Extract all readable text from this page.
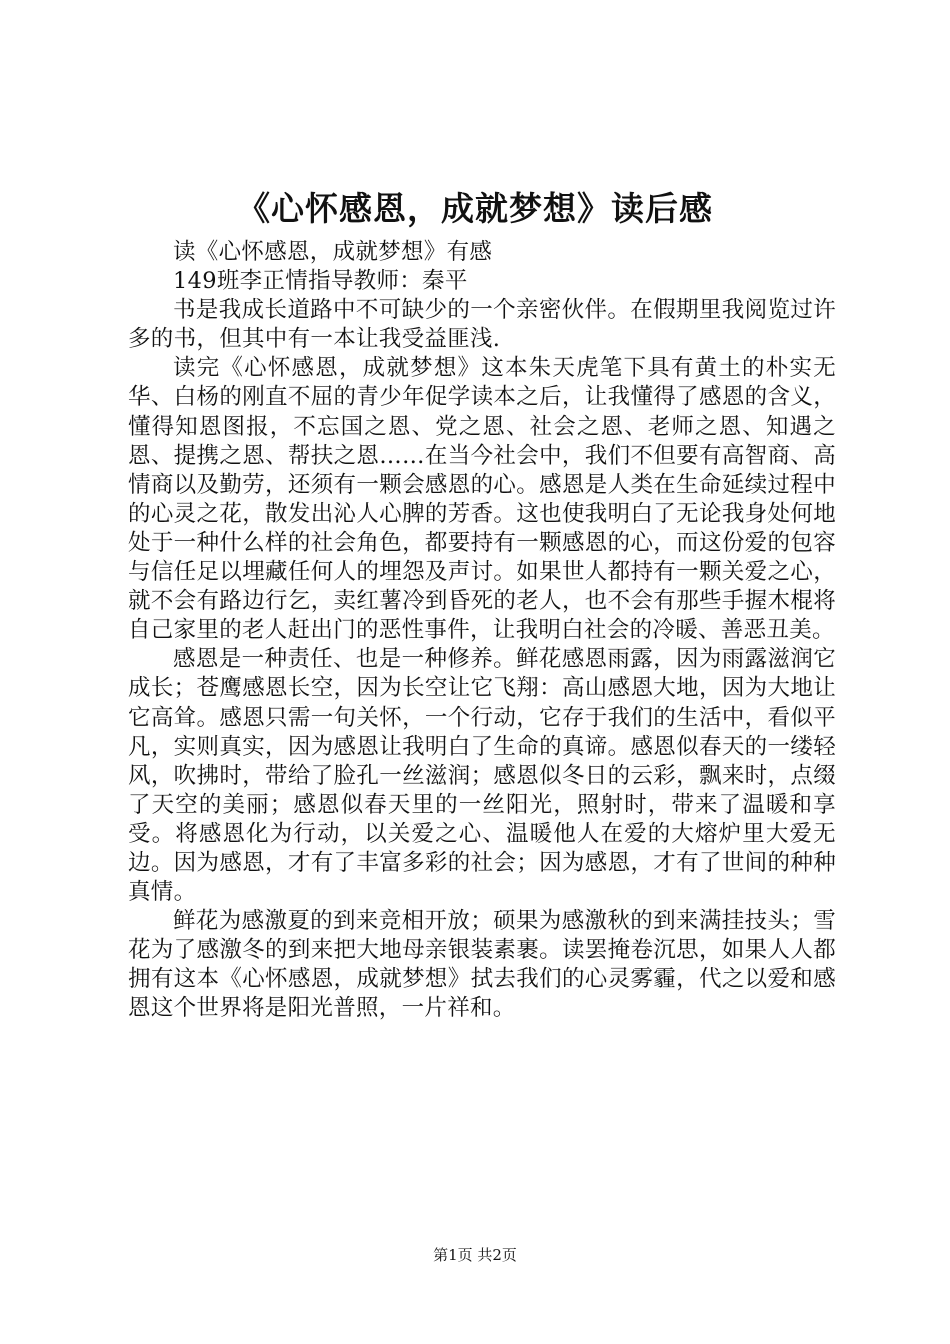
《心怀感恩，成就梦想》读后感

读《心怀感恩，成就梦想》有感

149班李正情指导教师：秦平

书是我成长道路中不可缺少的一个亲密伙伴。在假期里我阅览过许多的书，但其中有一本让我受益匪浅.

读完《心怀感恩，成就梦想》这本朱天虎笔下具有黄土的朴实无华、白杨的刚直不屈的青少年促学读本之后，让我懂得了感恩的含义，懂得知恩图报，不忘国之恩、党之恩、社会之恩、老师之恩、知遇之恩、提携之恩、帮扶之恩……在当今社会中，我们不但要有高智商、高情商以及勤劳，还须有一颗会感恩的心。感恩是人类在生命延续过程中的心灵之花，散发出沁人心脾的芳香。这也使我明白了无论我身处何地处于一种什么样的社会角色，都要持有一颗感恩的心，而这份爱的包容与信任足以埋藏任何人的埋怨及声讨。如果世人都持有一颗关爱之心，就不会有路边行乞，卖红薯冷到昏死的老人，也不会有那些手握木棍将自己家里的老人赶出门的恶性事件，让我明白社会的冷暖、善恶丑美。

感恩是一种责任、也是一种修养。鲜花感恩雨露，因为雨露滋润它成长；苍鹰感恩长空，因为长空让它飞翔：高山感恩大地，因为大地让它高耸。感恩只需一句关怀，一个行动，它存于我们的生活中，看似平凡，实则真实，因为感恩让我明白了生命的真谛。感恩似春天的一缕轻风，吹拂时，带给了脸孔一丝滋润；感恩似冬日的云彩，飘来时，点缀了天空的美丽；感恩似春天里的一丝阳光，照射时，带来了温暖和享受。将感恩化为行动，以关爱之心、温暖他人在爱的大熔炉里大爱无边。因为感恩，才有了丰富多彩的社会；因为感恩，才有了世间的种种真情。

鲜花为感激夏的到来竞相开放；硕果为感激秋的到来满挂技头；雪花为了感激冬的到来把大地母亲银装素裹。读罢掩卷沉思，如果人人都拥有这本《心怀感恩，成就梦想》拭去我们的心灵雾霾，代之以爱和感恩这个世界将是阳光普照，一片祥和。

第1页 共2页
